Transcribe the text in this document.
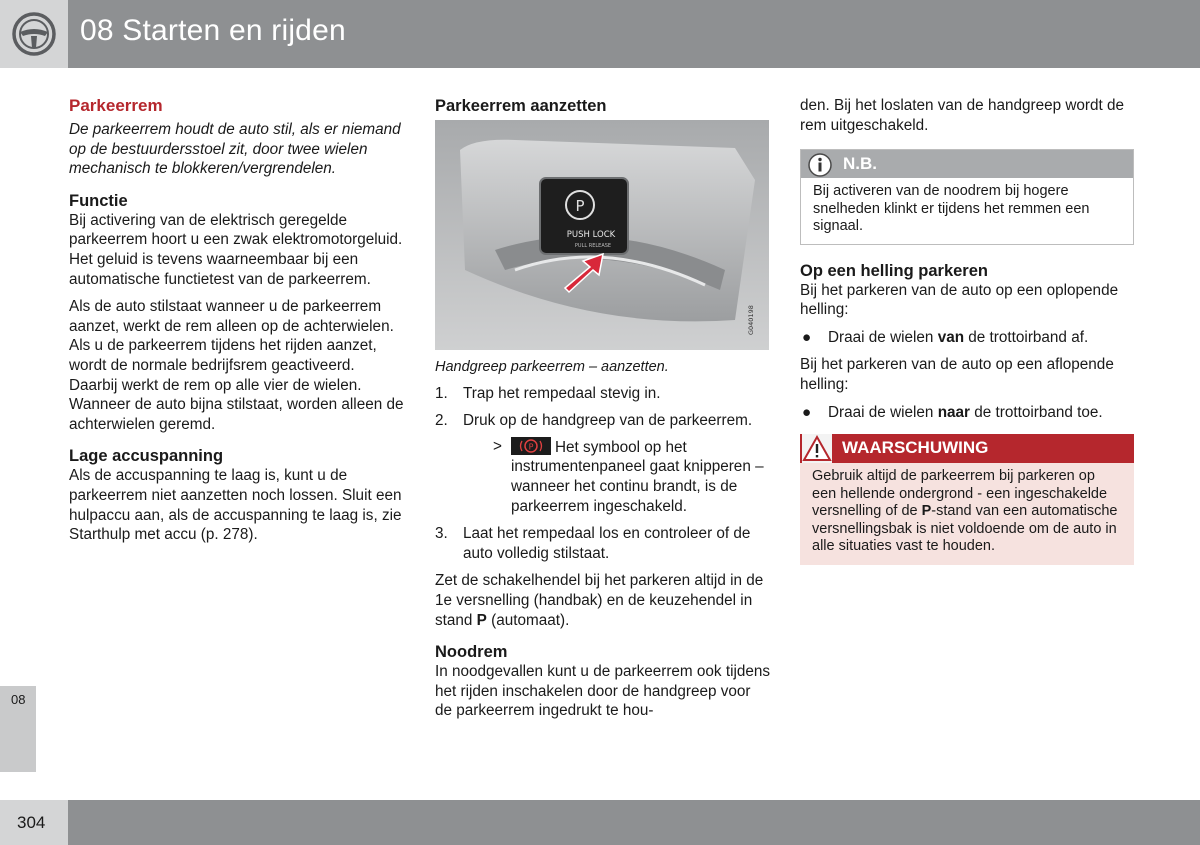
08 Starten en rijden
08
304
Parkeerrem

De parkeerrem houdt de auto stil, als er niemand op de bestuurdersstoel zit, door twee wielen mechanisch te blokkeren/vergrendelen.

Functie

Bij activering van de elektrisch geregelde parkeerrem hoort u een zwak elektromotorgeluid. Het geluid is tevens waarneembaar bij een automatische functietest van de parkeerrem.

Als de auto stilstaat wanneer u de parkeerrem aanzet, werkt de rem alleen op de achterwielen. Als u de parkeerrem tijdens het rijden aanzet, wordt de normale bedrijfsrem geactiveerd. Daarbij werkt de rem op alle vier de wielen. Wanneer de auto bijna stilstaat, worden alleen de achterwielen geremd.

Lage accuspanning

Als de accuspanning te laag is, kunt u de parkeerrem niet aanzetten noch lossen. Sluit een hulpaccu aan, als de accuspanning te laag is, zie Starthulp met accu (p. 278).

Parkeerrem aanzetten
P
PUSH LOCK
PULL RELEASE
G040198

Handgreep parkeerrem – aanzetten.

1. Trap het rempedaal stevig in.
2. Druk op de handgreep van de parkeerrem.
>	P Het symbool op het instrumentenpaneel gaat knipperen – wanneer het continu brandt, is de parkeerrem ingeschakeld.
3. Laat het rempedaal los en controleer of de auto volledig stilstaat.

Zet de schakelhendel bij het parkeren altijd in de 1e versnelling (handbak) en de keuzehendel in stand P (automaat).

Noodrem

In noodgevallen kunt u de parkeerrem ook tijdens het rijden inschakelen door de handgreep voor de parkeerrem ingedrukt te hou-

den. Bij het loslaten van de handgreep wordt de rem uitgeschakeld.

N.B.
Bij activeren van de noodrem bij hogere snelheden klinkt er tijdens het remmen een signaal.
Op een helling parkeren

Bij het parkeren van de auto op een oplopende helling:

● Draai de wielen van de trottoirband af.

Bij het parkeren van de auto op een aflopende helling:

● Draai de wielen naar de trottoirband toe.
WAARSCHUWING
Gebruik altijd de parkeerrem bij parkeren op een hellende ondergrond - een ingeschakelde versnelling of de P-stand van een automatische versnellingsbak is niet voldoende om de auto in alle situaties vast te houden.
